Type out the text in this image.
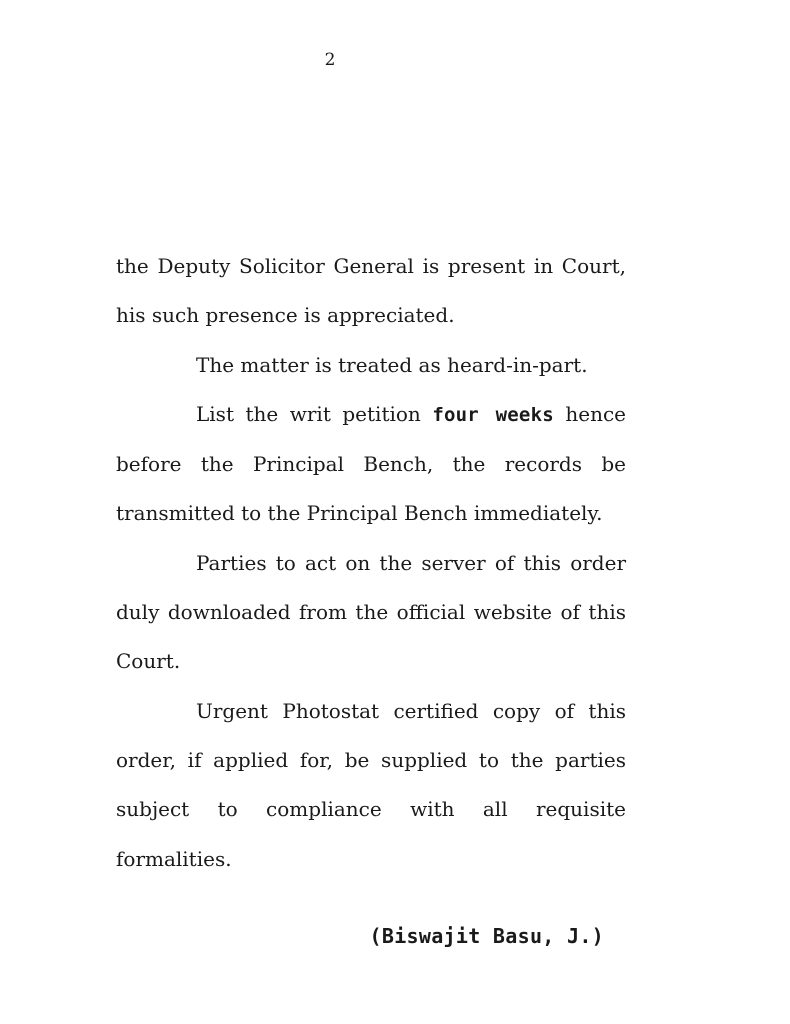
2

the Deputy Solicitor General is present in Court, his such presence is appreciated.

The matter is treated as heard-in-part.

List the writ petition four weeks hence before the Principal Bench, the records be transmitted to the Principal Bench immediately.

Parties to act on the server of this order duly downloaded from the official website of this Court.

Urgent Photostat certified copy of this order, if applied for, be supplied to the parties subject to compliance with all requisite formalities.

(Biswajit Basu, J.)
